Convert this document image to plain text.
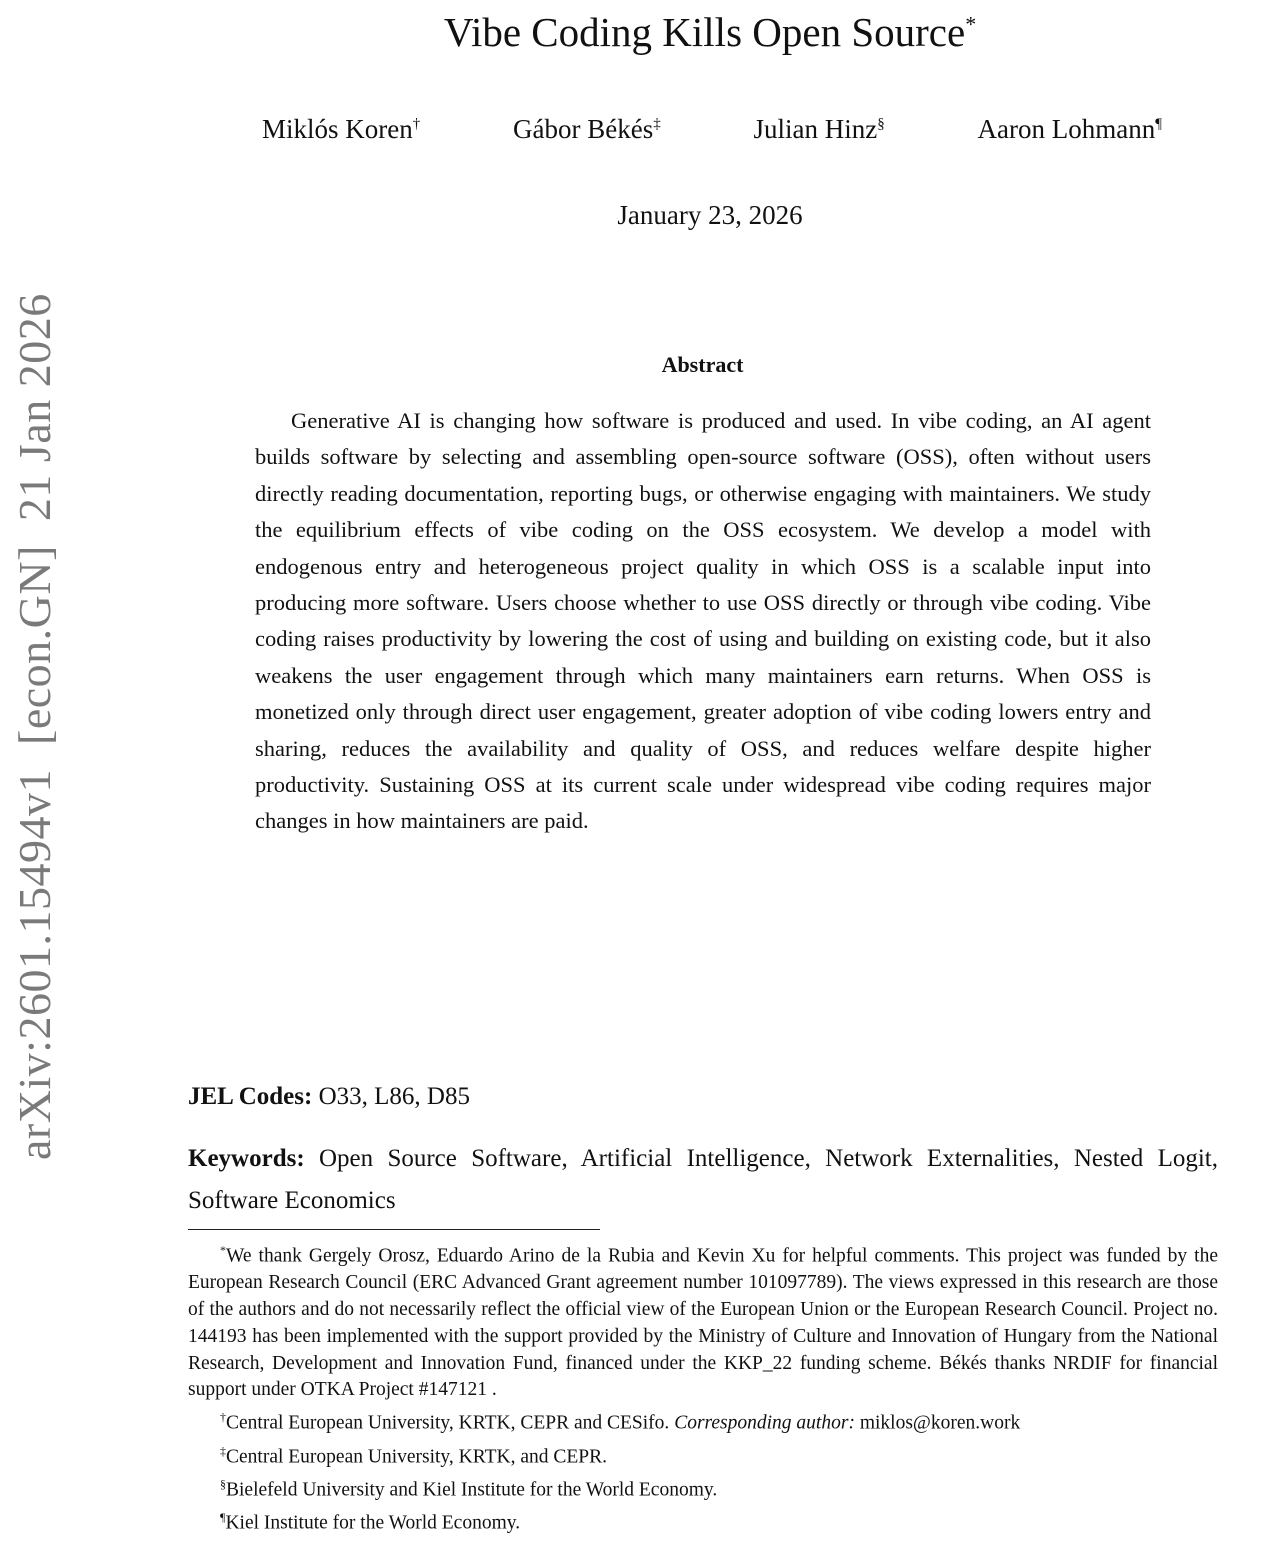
arXiv:2601.15494v1  [econ.GN]  21 Jan 2026
Vibe Coding Kills Open Source*
Miklós Koren†	Gábor Békés‡	Julian Hinz§	Aaron Lohmann¶
January 23, 2026
Abstract
Generative AI is changing how software is produced and used. In vibe coding, an AI agent builds software by selecting and assembling open-source software (OSS), often without users directly reading documentation, reporting bugs, or otherwise engaging with maintainers. We study the equilibrium effects of vibe coding on the OSS ecosystem. We develop a model with endogenous entry and heterogeneous project quality in which OSS is a scalable input into producing more software. Users choose whether to use OSS directly or through vibe coding. Vibe coding raises productivity by lowering the cost of using and building on existing code, but it also weakens the user engagement through which many maintainers earn returns. When OSS is monetized only through direct user engagement, greater adoption of vibe coding lowers entry and sharing, reduces the availability and quality of OSS, and reduces welfare despite higher productivity. Sustaining OSS at its current scale under widespread vibe coding requires major changes in how maintainers are paid.
JEL Codes: O33, L86, D85
Keywords: Open Source Software, Artificial Intelligence, Network Externalities, Nested Logit, Software Economics

*We thank Gergely Orosz, Eduardo Arino de la Rubia and Kevin Xu for helpful comments. This project was funded by the European Research Council (ERC Advanced Grant agreement number 101097789). The views expressed in this research are those of the authors and do not necessarily reflect the official view of the European Union or the European Research Council. Project no. 144193 has been implemented with the support provided by the Ministry of Culture and Innovation of Hungary from the National Research, Development and Innovation Fund, financed under the KKP_22 funding scheme. Békés thanks NRDIF for financial support under OTKA Project #147121 .

†Central European University, KRTK, CEPR and CESifo. Corresponding author: miklos@koren.work

‡Central European University, KRTK, and CEPR.

§Bielefeld University and Kiel Institute for the World Economy.

¶Kiel Institute for the World Economy.
